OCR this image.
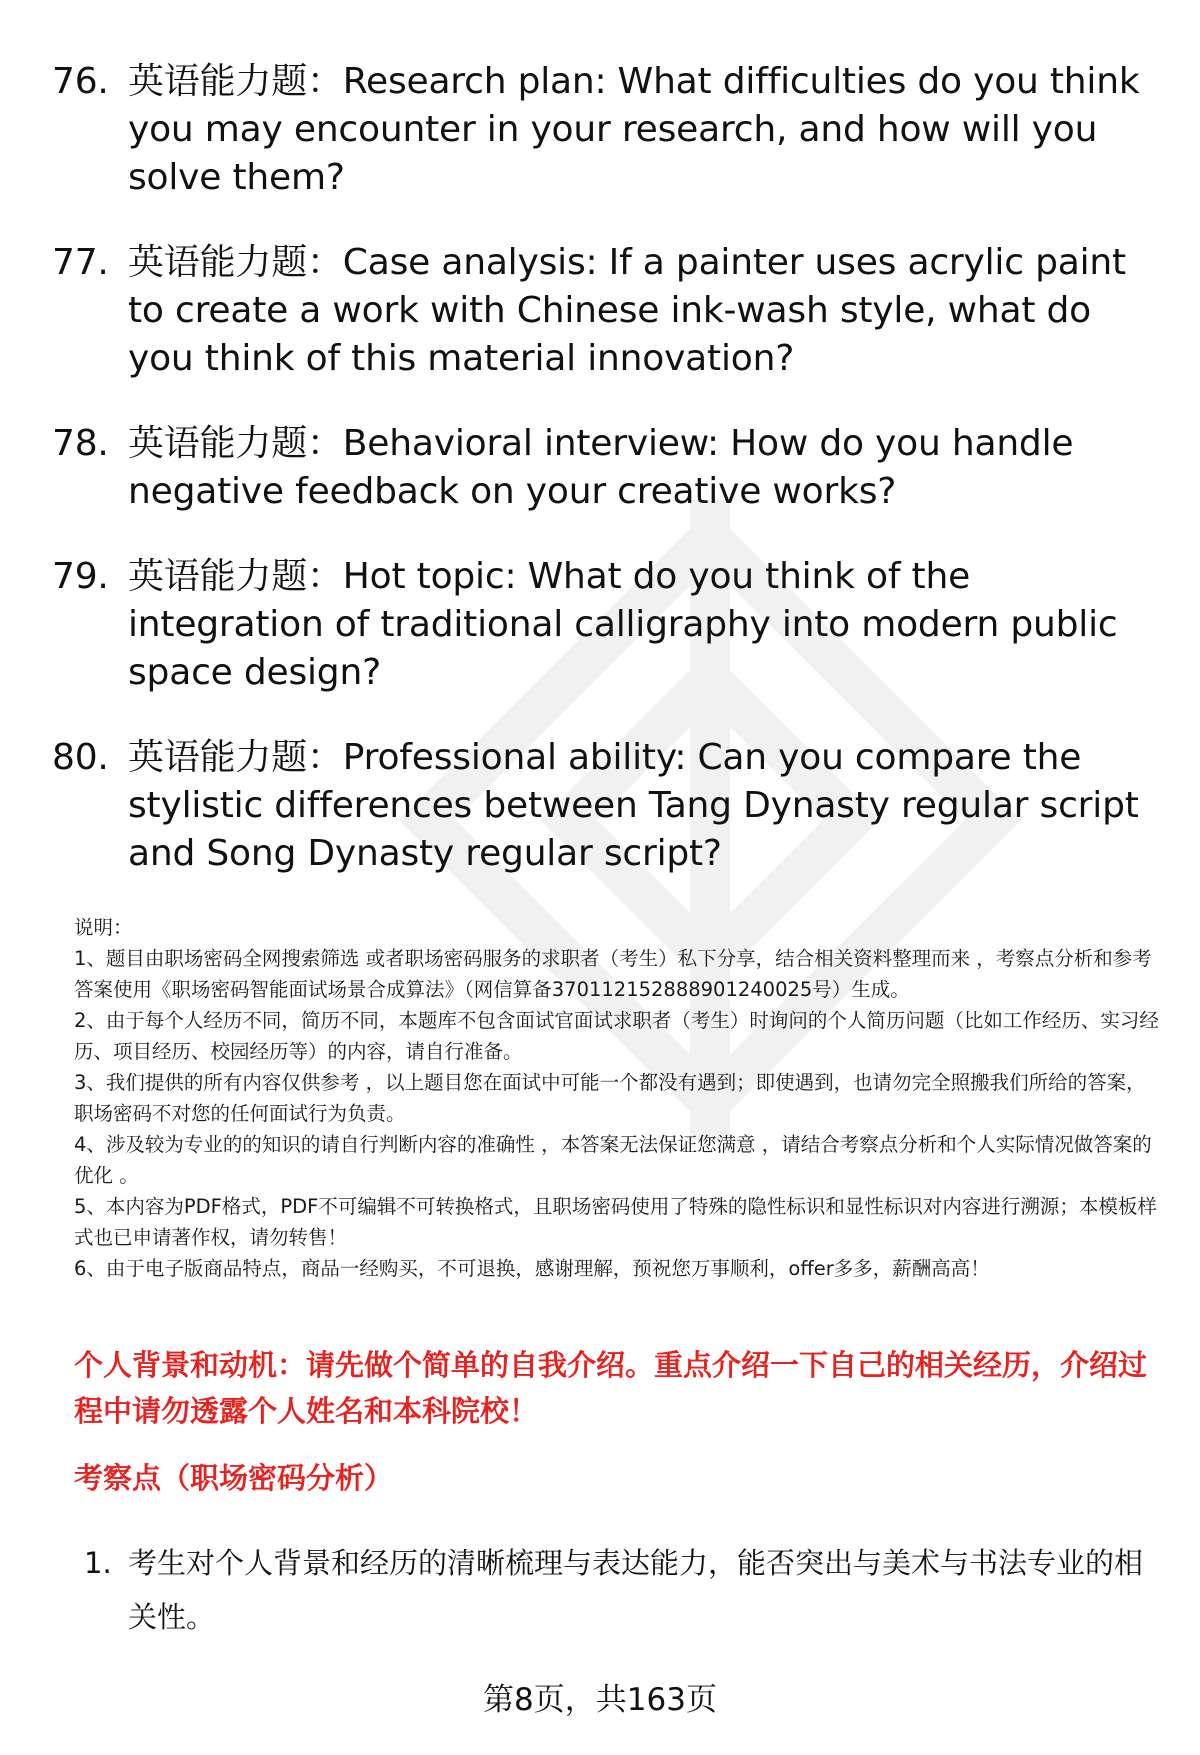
76. 英语能力题：Research plan: What difficulties do you think you may encounter in your research, and how will you solve them?
77. 英语能力题：Case analysis: If a painter uses acrylic paint to create a work with Chinese ink-wash style, what do you think of this material innovation?
78. 英语能力题：Behavioral interview: How do you handle negative feedback on your creative works?
79. 英语能力题：Hot topic: What do you think of the integration of traditional calligraphy into modern public space design?
80. 英语能力题：Professional ability: Can you compare the stylistic differences between Tang Dynasty regular script and Song Dynasty regular script?

说明：

1、题目由职场密码全网搜索筛选 或者职场密码服务的求职者（考生）私下分享，结合相关资料整理而来 ，考察点分析和参考答案使用《职场密码智能面试场景合成算法》（网信算备370112152888901240025号）生成。

2、由于每个人经历不同，简历不同，本题库不包含面试官面试求职者（考生）时询问的个人简历问题（比如工作经历、实习经历、项目经历、校园经历等）的内容，请自行准备。

3、我们提供的所有内容仅供参考 ，以上题目您在面试中可能一个都没有遇到；即使遇到，也请勿完全照搬我们所给的答案，职场密码不对您的任何面试行为负责。

4、涉及较为专业的的知识的请自行判断内容的准确性 ，本答案无法保证您满意 ，请结合考察点分析和个人实际情况做答案的优化 。

5、本内容为PDF格式，PDF不可编辑不可转换格式，且职场密码使用了特殊的隐性标识和显性标识对内容进行溯源；本模板样式也已申请著作权，请勿转售！

6、由于电子版商品特点，商品一经购买，不可退换，感谢理解，预祝您万事顺利，offer多多，薪酬高高！

个人背景和动机：请先做个简单的自我介绍。重点介绍一下自己的相关经历，介绍过程中请勿透露个人姓名和本科院校！
考察点（职场密码分析）
1. 考生对个人背景和经历的清晰梳理与表达能力，能否突出与美术与书法专业的相关性。
第8页，共163页
